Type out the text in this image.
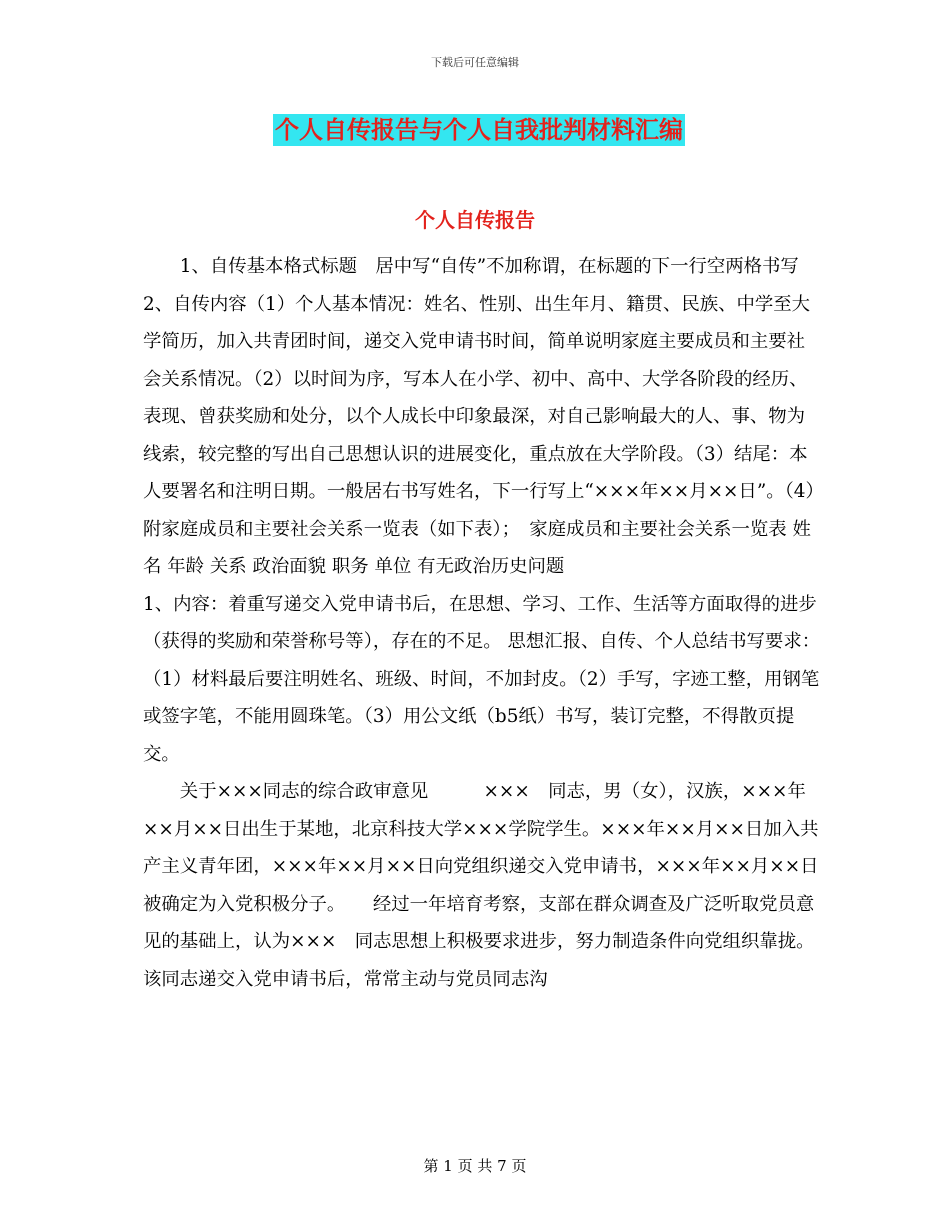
下载后可任意编辑
个人自传报告与个人自我批判材料汇编
个人自传报告

1、自传基本格式标题　居中写“自传”不加称谓，在标题的下一行空两格书写2、自传内容（1）个人基本情况：姓名、性别、出生年月、籍贯、民族、中学至大学简历，加入共青团时间，递交入党申请书时间，简单说明家庭主要成员和主要社会关系情况。（2）以时间为序，写本人在小学、初中、高中、大学各阶段的经历、表现、曾获奖励和处分，以个人成长中印象最深，对自己影响最大的人、事、物为线索，较完整的写出自己思想认识的进展变化，重点放在大学阶段。（3）结尾：本人要署名和注明日期。一般居右书写姓名，下一行写上“×××年××月××日”。（4）附家庭成员和主要社会关系一览表（如下表）；　家庭成员和主要社会关系一览表 姓名 年龄 关系 政治面貌 职务 单位 有无政治历史问题

1、内容：着重写递交入党申请书后，在思想、学习、工作、生活等方面取得的进步（获得的奖励和荣誉称号等），存在的不足。 思想汇报、自传、个人总结书写要求：（1）材料最后要注明姓名、班级、时间，不加封皮。（2）手写，字迹工整，用钢笔或签字笔，不能用圆珠笔。（3）用公文纸（b5纸）书写，装订完整，不得散页提交。

关于×××同志的综合政审意见　　　×××　同志，男（女），汉族，×××年××月××日出生于某地，北京科技大学×××学院学生。×××年××月××日加入共产主义青年团，×××年××月××日向党组织递交入党申请书，×××年××月××日被确定为入党积极分子。　　经过一年培育考察，支部在群众调查及广泛听取党员意见的基础上，认为×××　同志思想上积极要求进步，努力制造条件向党组织靠拢。该同志递交入党申请书后，常常主动与党员同志沟

第 1 页 共 7 页
